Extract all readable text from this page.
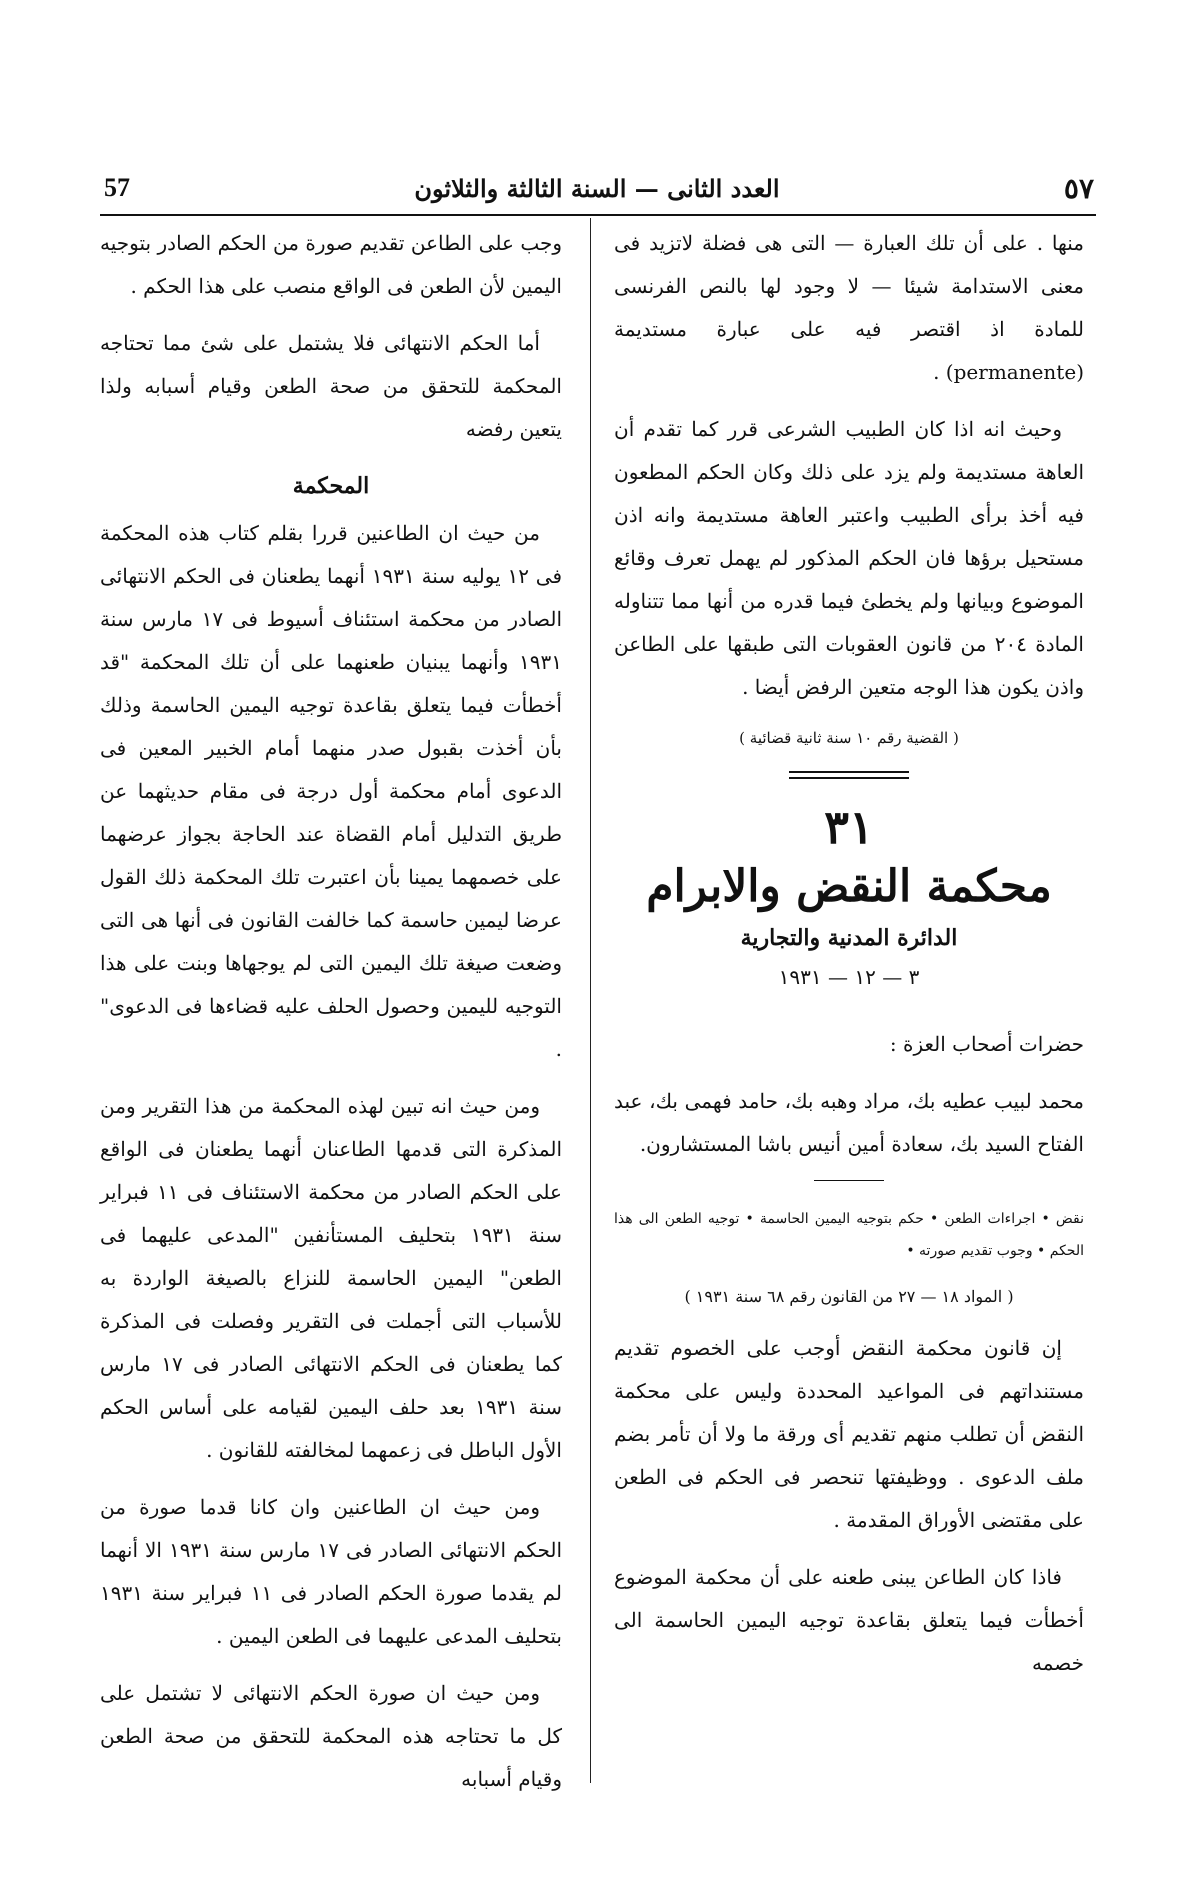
57	العدد الثانى — السنة الثالثة والثلاثون	٥٧

منها . على أن تلك العبارة — التى هى فضلة لاتزيد فى معنى الاستدامة شيئا — لا وجود لها بالنص الفرنسى للمادة اذ اقتصر فيه على عبارة مستديمة (permanente) .

وحيث انه اذا كان الطبيب الشرعى قرر كما تقدم أن العاهة مستديمة ولم يزد على ذلك وكان الحكم المطعون فيه أخذ برأى الطبيب واعتبر العاهة مستديمة وانه اذن مستحيل برؤها فان الحكم المذكور لم يهمل تعرف وقائع الموضوع وبيانها ولم يخطئ فيما قدره من أنها مما تتناوله المادة ٢٠٤ من قانون العقوبات التى طبقها على الطاعن واذن يكون هذا الوجه متعين الرفض أيضا .

( القضية رقم ١٠ سنة ثانية قضائية )
٣١
محكمة النقض والابرام
الدائرة المدنية والتجارية
٣ — ١٢ — ١٩٣١

حضرات أصحاب العزة :

محمد لبيب عطيه بك، مراد وهبه بك، حامد فهمى بك، عبد الفتاح السيد بك، سعادة أمين أنيس باشا المستشارون.

نقض • اجراءات الطعن • حكم بتوجيه اليمين الحاسمة • توجيه الطعن الى هذا الحكم • وجوب تقديم صورته •

( المواد ١٨ — ٢٧ من القانون رقم ٦٨ سنة ١٩٣١ )

إن قانون محكمة النقض أوجب على الخصوم تقديم مستنداتهم فى المواعيد المحددة وليس على محكمة النقض أن تطلب منهم تقديم أى ورقة ما ولا أن تأمر بضم ملف الدعوى . ووظيفتها تنحصر فى الحكم فى الطعن على مقتضى الأوراق المقدمة .

فاذا كان الطاعن يبنى طعنه على أن محكمة الموضوع أخطأت فيما يتعلق بقاعدة توجيه اليمين الحاسمة الى خصمه

وجب على الطاعن تقديم صورة من الحكم الصادر بتوجيه اليمين لأن الطعن فى الواقع منصب على هذا الحكم .

أما الحكم الانتهائى فلا يشتمل على شئ مما تحتاجه المحكمة للتحقق من صحة الطعن وقيام أسبابه ولذا يتعين رفضه

المحكمة

من حيث ان الطاعنين قررا بقلم كتاب هذه المحكمة فى ١٢ يوليه سنة ١٩٣١ أنهما يطعنان فى الحكم الانتهائى الصادر من محكمة استئناف أسيوط فى ١٧ مارس سنة ١٩٣١ وأنهما يبنيان طعنهما على أن تلك المحكمة "قد أخطأت فيما يتعلق بقاعدة توجيه اليمين الحاسمة وذلك بأن أخذت بقبول صدر منهما أمام الخبير المعين فى الدعوى أمام محكمة أول درجة فى مقام حديثهما عن طريق التدليل أمام القضاة عند الحاجة بجواز عرضهما على خصمهما يمينا بأن اعتبرت تلك المحكمة ذلك القول عرضا ليمين حاسمة كما خالفت القانون فى أنها هى التى وضعت صيغة تلك اليمين التى لم يوجهاها وبنت على هذا التوجيه لليمين وحصول الحلف عليه قضاءها فى الدعوى" .

ومن حيث انه تبين لهذه المحكمة من هذا التقرير ومن المذكرة التى قدمها الطاعنان أنهما يطعنان فى الواقع على الحكم الصادر من محكمة الاستئناف فى ١١ فبراير سنة ١٩٣١ بتحليف المستأنفين "المدعى عليهما فى الطعن" اليمين الحاسمة للنزاع بالصيغة الواردة به للأسباب التى أجملت فى التقرير وفصلت فى المذكرة كما يطعنان فى الحكم الانتهائى الصادر فى ١٧ مارس سنة ١٩٣١ بعد حلف اليمين لقيامه على أساس الحكم الأول الباطل فى زعمهما لمخالفته للقانون .

ومن حيث ان الطاعنين وان كانا قدما صورة من الحكم الانتهائى الصادر فى ١٧ مارس سنة ١٩٣١ الا أنهما لم يقدما صورة الحكم الصادر فى ١١ فبراير سنة ١٩٣١ بتحليف المدعى عليهما فى الطعن اليمين .

ومن حيث ان صورة الحكم الانتهائى لا تشتمل على كل ما تحتاجه هذه المحكمة للتحقق من صحة الطعن وقيام أسبابه
